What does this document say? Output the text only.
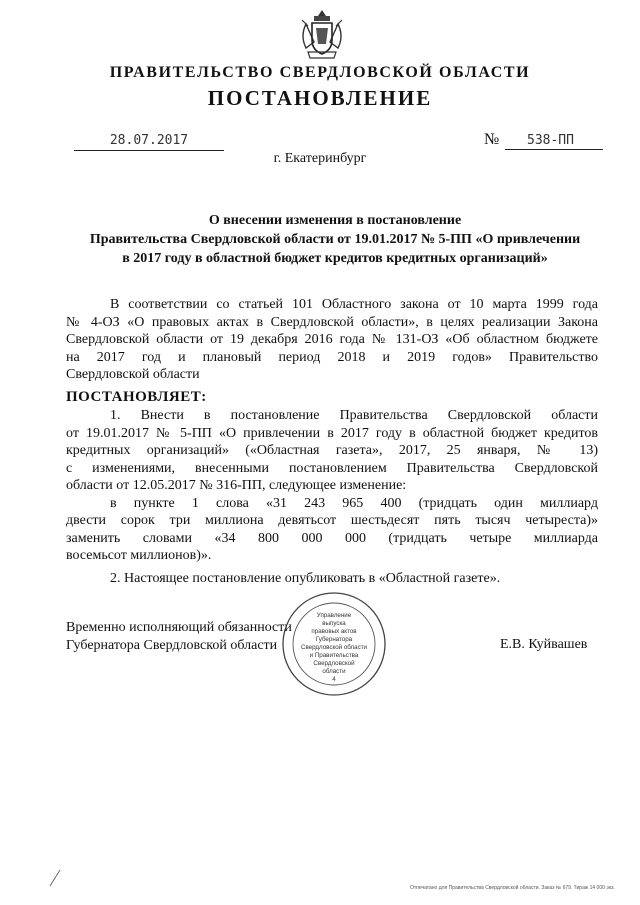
ПРАВИТЕЛЬСТВО СВЕРДЛОВСКОЙ ОБЛАСТИ
ПОСТАНОВЛЕНИЕ
28.07.2017	№	538-ПП
г. Екатеринбург
О внесении изменения в постановление
Правительства Свердловской области от 19.01.2017 № 5-ПП «О привлечении
в 2017 году в областной бюджет кредитов кредитных организаций»
В соответствии со статьей 101 Областного закона от 10 марта 1999 года
№ 4-ОЗ «О правовых актах в Свердловской области», в целях реализации Закона
Свердловской области от 19 декабря 2016 года № 131-ОЗ «Об областном бюджете
на 2017 год и плановый период 2018 и 2019 годов» Правительство
Свердловской области
ПОСТАНОВЛЯЕТ:
1. Внести в постановление Правительства Свердловской области
от 19.01.2017 № 5-ПП «О привлечении в 2017 году в областной бюджет кредитов
кредитных организаций» («Областная газета», 2017, 25 января, № 13)
с изменениями, внесенными постановлением Правительства Свердловской
области от 12.05.2017 № 316-ПП, следующее изменение:
в пункте 1 слова «31 243 965 400 (тридцать один миллиард
двести сорок три миллиона девятьсот шестьдесят пять тысяч четыреста)»
заменить словами «34 800 000 000 (тридцать четыре миллиарда
восемьсот миллионов)».
2. Настоящее постановление опубликовать в «Областной газете».
Временно исполняющий обязанности
Губернатора Свердловской области	Е.В. Куйвашев
Управление
выпуска
правовых актов
Губернатора
Свердловской области
и Правительства
Свердловской
области
4
Отпечатано для Правительства Свердловской области. Заказ № 679. Тираж 14 000 экз.
